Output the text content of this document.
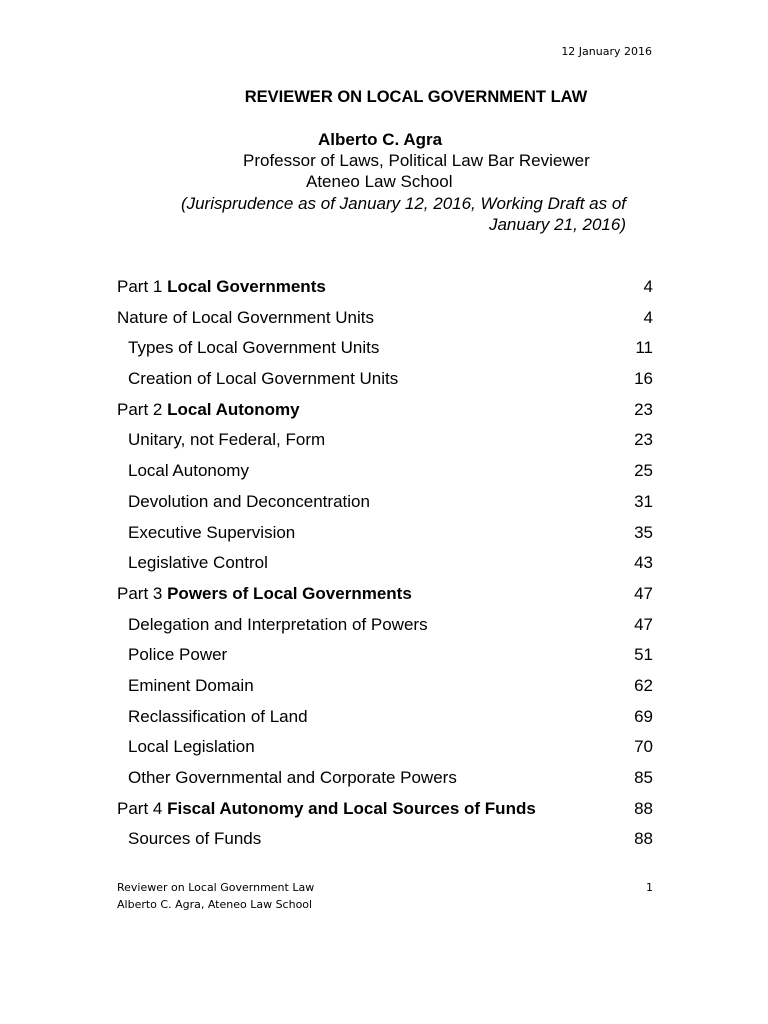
12 January 2016
REVIEWER ON LOCAL GOVERNMENT LAW
Alberto C. Agra
Professor of Laws, Political Law Bar Reviewer
Ateneo Law School
(Jurisprudence as of January 12, 2016, Working Draft as of
January 21, 2016)
Part 1 Local Governments	4
Nature of Local Government Units	4
Types of Local Government Units	11
Creation of Local Government Units	16
Part 2 Local Autonomy	23
Unitary, not Federal, Form	23
Local Autonomy	25
Devolution and Deconcentration	31
Executive Supervision	35
Legislative Control	43
Part 3 Powers of Local Governments	47
Delegation and Interpretation of Powers	47
Police Power	51
Eminent Domain	62
Reclassification of Land	69
Local Legislation	70
Other Governmental and Corporate Powers	85
Part 4 Fiscal Autonomy and Local Sources of Funds	88
Sources of Funds	88
Reviewer on Local Government Law	1
Alberto C. Agra, Ateneo Law School
